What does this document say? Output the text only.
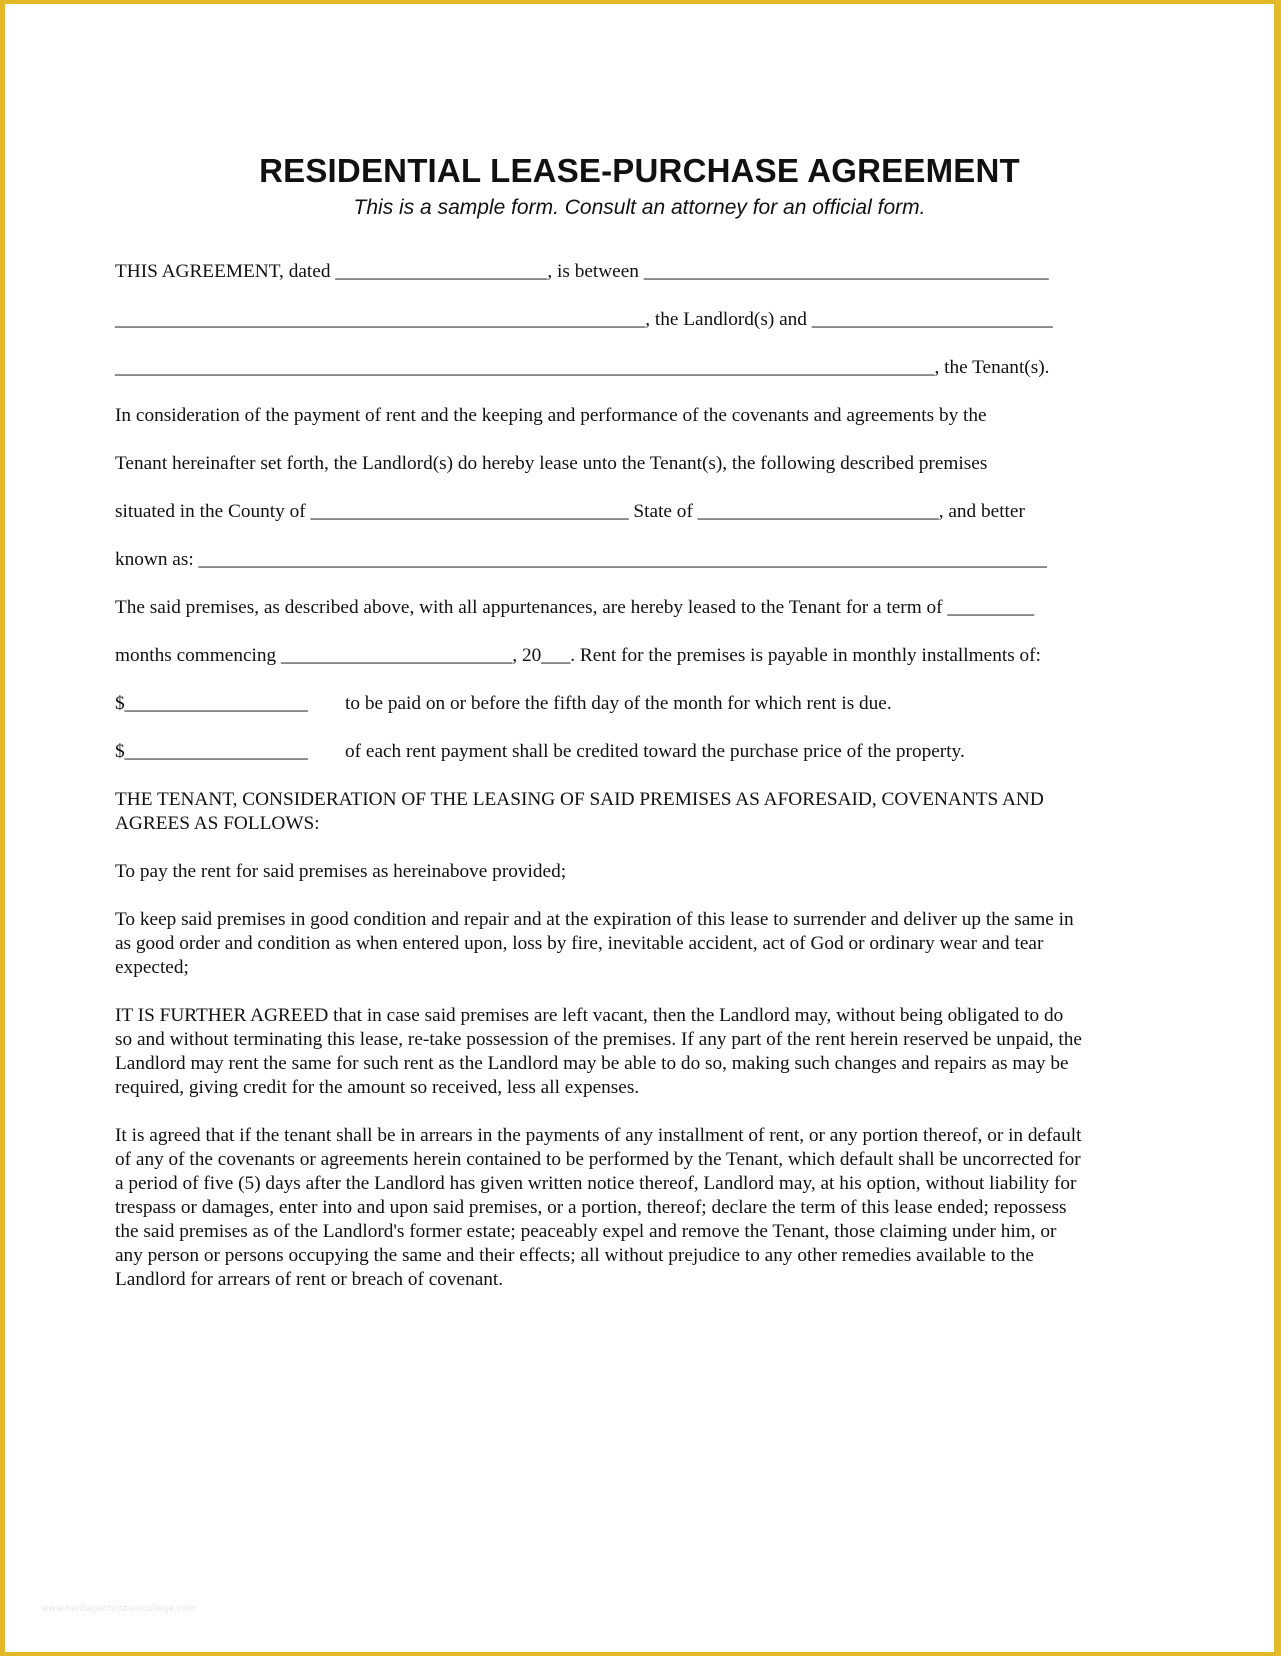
RESIDENTIAL LEASE-PURCHASE AGREEMENT
This is a sample form. Consult an attorney for an official form.
THIS AGREEMENT, dated ______________________, is between __________________________________________
_______________________________________________________, the Landlord(s) and _________________________
_____________________________________________________________________________________, the Tenant(s).
In consideration of the payment of rent and the keeping and performance of the covenants and agreements by the
Tenant hereinafter set forth, the Landlord(s) do hereby lease unto the Tenant(s), the following described premises
situated in the County of _________________________________ State of _________________________, and better
known as: ________________________________________________________________________________________
The said premises, as described above, with all appurtenances, are hereby leased to the Tenant for a term of _________
months commencing ________________________, 20___. Rent for the premises is payable in monthly installments of:
$___________________ to be paid on or before the fifth day of the month for which rent is due.
$___________________ of each rent payment shall be credited toward the purchase price of the property.
THE TENANT, CONSIDERATION OF THE LEASING OF SAID PREMISES AS AFORESAID, COVENANTS AND
AGREES AS FOLLOWS:
To pay the rent for said premises as hereinabove provided;
To keep said premises in good condition and repair and at the expiration of this lease to surrender and deliver up the same in
as good order and condition as when entered upon, loss by fire, inevitable accident, act of God or ordinary wear and tear
expected;
IT IS FURTHER AGREED that in case said premises are left vacant, then the Landlord may, without being obligated to do
so and without terminating this lease, re-take possession of the premises. If any part of the rent herein reserved be unpaid, the
Landlord may rent the same for such rent as the Landlord may be able to do so, making such changes and repairs as may be
required, giving credit for the amount so received, less all expenses.
It is agreed that if the tenant shall be in arrears in the payments of any installment of rent, or any portion thereof, or in default
of any of the covenants or agreements herein contained to be performed by the Tenant, which default shall be uncorrected for
a period of five (5) days after the Landlord has given written notice thereof, Landlord may, at his option, without liability for
trespass or damages, enter into and upon said premises, or a portion, thereof; declare the term of this lease ended; repossess
the said premises as of the Landlord's former estate; peaceably expel and remove the Tenant, those claiming under him, or
any person or persons occupying the same and their effects; all without prejudice to any other remedies available to the
Landlord for arrears of rent or breach of covenant.
www.heritagechristiancollege.com
